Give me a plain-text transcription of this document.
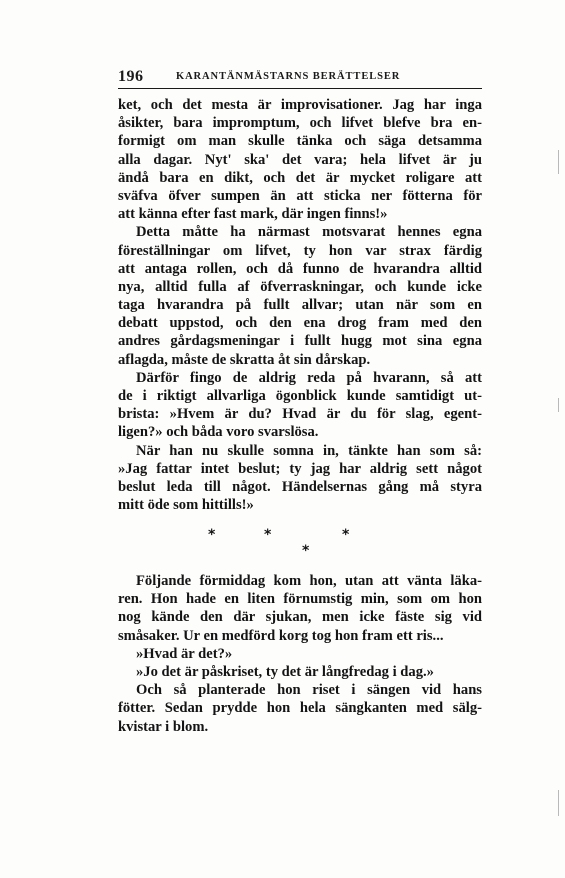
196	KARANTÄNMÄSTARNS BERÄTTELSER
ket, och det mesta är improvisationer. Jag har inga
åsikter, bara impromptum, och lifvet blefve bra en-
formigt om man skulle tänka och säga detsamma
alla dagar. Nyt' ska' det vara; hela lifvet är ju
ändå bara en dikt, och det är mycket roligare att
sväfva öfver sumpen än att sticka ner fötterna för
att känna efter fast mark, där ingen finns!»
Detta måtte ha närmast motsvarat hennes egna
föreställningar om lifvet, ty hon var strax färdig
att antaga rollen, och då funno de hvarandra alltid
nya, alltid fulla af öfverraskningar, och kunde icke
taga hvarandra på fullt allvar; utan när som en
debatt uppstod, och den ena drog fram med den
andres gårdagsmeningar i fullt hugg mot sina egna
aflagda, måste de skratta åt sin dårskap.
Därför fingo de aldrig reda på hvarann, så att
de i riktigt allvarliga ögonblick kunde samtidigt ut-
brista: »Hvem är du? Hvad är du för slag, egent-
ligen?» och båda voro svarslösa.
När han nu skulle somna in, tänkte han som så:
»Jag fattar intet beslut; ty jag har aldrig sett något
beslut leda till något. Händelsernas gång må styra
mitt öde som hittills!»
*	*
*
*
Följande förmiddag kom hon, utan att vänta läka-
ren. Hon hade en liten förnumstig min, som om hon
nog kände den där sjukan, men icke fäste sig vid
småsaker. Ur en medförd korg tog hon fram ett ris...
»Hvad är det?»
»Jo det är påskriset, ty det är långfredag i dag.»
Och så planterade hon riset i sängen vid hans
fötter. Sedan prydde hon hela sängkanten med sälg-
kvistar i blom.
